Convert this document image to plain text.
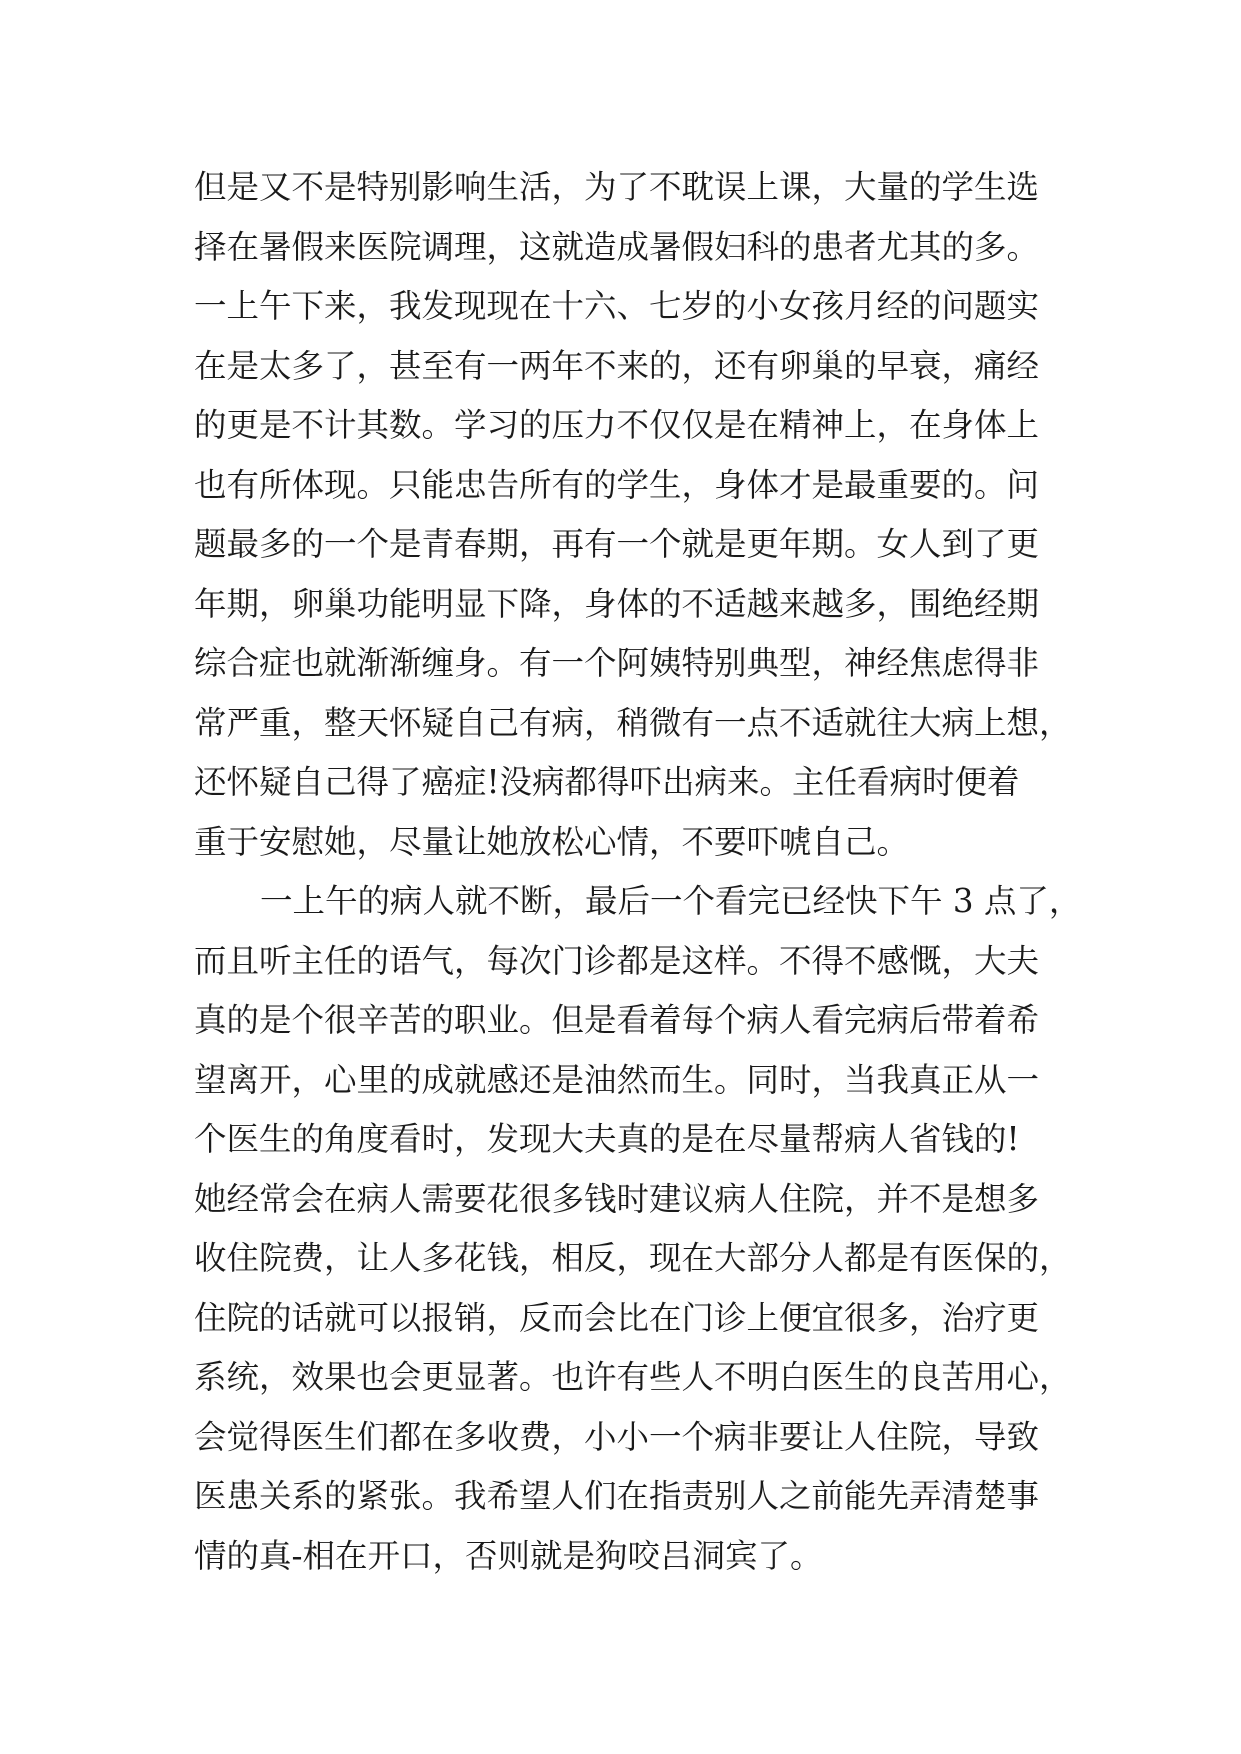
但是又不是特别影响生活，为了不耽误上课，大量的学生选
择在暑假来医院调理，这就造成暑假妇科的患者尤其的多。
一上午下来，我发现现在十六、七岁的小女孩月经的问题实
在是太多了，甚至有一两年不来的，还有卵巢的早衰，痛经
的更是不计其数。学习的压力不仅仅是在精神上，在身体上
也有所体现。只能忠告所有的学生，身体才是最重要的。问
题最多的一个是青春期，再有一个就是更年期。女人到了更
年期，卵巢功能明显下降，身体的不适越来越多，围绝经期
综合症也就渐渐缠身。有一个阿姨特别典型，神经焦虑得非
常严重，整天怀疑自己有病，稍微有一点不适就往大病上想，
还怀疑自己得了癌症!没病都得吓出病来。主任看病时便着
重于安慰她，尽量让她放松心情，不要吓唬自己。
一上午的病人就不断，最后一个看完已经快下午 3 点了，
而且听主任的语气，每次门诊都是这样。不得不感慨，大夫
真的是个很辛苦的职业。但是看着每个病人看完病后带着希
望离开，心里的成就感还是油然而生。同时，当我真正从一
个医生的角度看时，发现大夫真的是在尽量帮病人省钱的!
她经常会在病人需要花很多钱时建议病人住院，并不是想多
收住院费，让人多花钱，相反，现在大部分人都是有医保的，
住院的话就可以报销，反而会比在门诊上便宜很多，治疗更
系统，效果也会更显著。也许有些人不明白医生的良苦用心，
会觉得医生们都在多收费，小小一个病非要让人住院，导致
医患关系的紧张。我希望人们在指责别人之前能先弄清楚事
情的真-相在开口，否则就是狗咬吕洞宾了。
